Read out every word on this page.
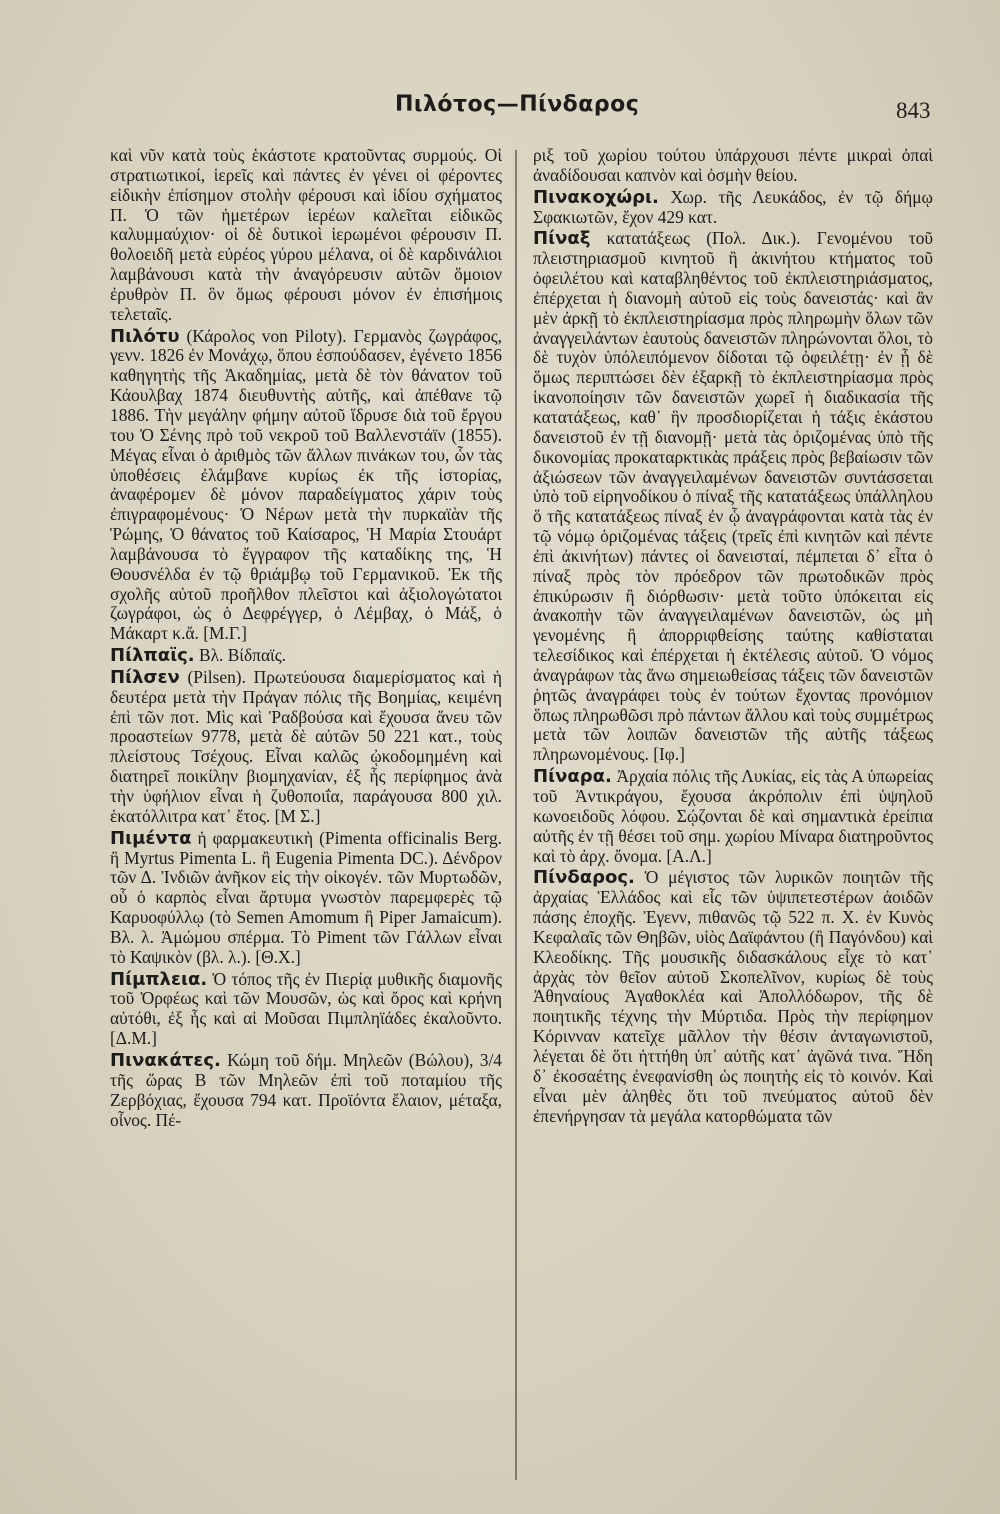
Πιλότος—Πίνδαρος	843

καὶ νῦν κατὰ τοὺς ἑκάστοτε κρατοῦντας συρμούς. Οἱ στρατιωτικοί, ἱερεῖς καὶ πάντες ἐν γένει οἱ φέροντες εἰδικὴν ἐπίσημον στολὴν φέρουσι καὶ ἰδίου σχήματος Π. Ὁ τῶν ἡμετέρων ἱερέων καλεῖται εἰδικῶς καλυμμαύχιον· οἱ δὲ δυτικοὶ ἱερωμένοι φέρουσιν Π. θολοειδῆ μετὰ εὐρέος γύρου μέλανα, οἱ δὲ καρδινάλιοι λαμβάνουσι κατὰ τὴν ἀναγόρευσιν αὐτῶν ὅμοιον ἐρυθρὸν Π. ὃν ὅμως φέρουσι μόνον ἐν ἐπισήμοις τελεταῖς.

Πιλότυ (Κάρολος von Piloty). Γερμανὸς ζωγράφος, γενν. 1826 ἐν Μονάχῳ, ὅπου ἐσπούδασεν, ἐγένετο 1856 καθηγητὴς τῆς Ἀκαδημίας, μετὰ δὲ τὸν θάνατον τοῦ Κάουλβαχ 1874 διευθυντὴς αὐτῆς, καὶ ἀπέθανε τῷ 1886. Τὴν μεγάλην φήμην αὐτοῦ ἵδρυσε διὰ τοῦ ἔργου του Ὁ Σένης πρὸ τοῦ νεκροῦ τοῦ Βαλλενστάϊν (1855). Μέγας εἶναι ὁ ἀριθμὸς τῶν ἄλλων πινάκων του, ὧν τὰς ὑποθέσεις ἐλάμβανε κυρίως ἐκ τῆς ἱστορίας, ἀναφέρομεν δὲ μόνον παραδείγματος χάριν τοὺς ἐπιγραφομένους· Ὁ Νέρων μετὰ τὴν πυρκαϊὰν τῆς Ῥώμης, Ὁ θάνατος τοῦ Καίσαρος, Ἡ Μαρία Στουάρτ λαμβάνουσα τὸ ἔγγραφον τῆς καταδίκης της, Ἡ Θουσνέλδα ἐν τῷ θριάμβῳ τοῦ Γερμανικοῦ. Ἐκ τῆς σχολῆς αὐτοῦ προῆλθον πλεῖστοι καὶ ἀξιολογώτατοι ζωγράφοι, ὡς ὁ Δεφρέγγερ, ὁ Λέμβαχ, ὁ Μάξ, ὁ Μάκαρτ κ.ἄ. [Μ.Γ.]

Πίλπαϊς. Βλ. Βίδπαϊς.

Πίλσεν (Pilsen). Πρωτεύουσα διαμερίσματος καὶ ἡ δευτέρα μετὰ τὴν Πράγαν πόλις τῆς Βοημίας, κειμένη ἐπὶ τῶν ποτ. Μὶς καὶ Ῥαδβούσα καὶ ἔχουσα ἄνευ τῶν προαστείων 9778, μετὰ δὲ αὐτῶν 50 221 κατ., τοὺς πλείστους Τσέχους. Εἶναι καλῶς ᾠκοδομημένη καὶ διατηρεῖ ποικίλην βιομηχανίαν, ἐξ ἧς περίφημος ἀνὰ τὴν ὑφήλιον εἶναι ἡ ζυθοποιΐα, παράγουσα 800 χιλ. ἑκατόλλιτρα κατ᾽ ἔτος. [Μ Σ.]

Πιμέντα ἡ φαρμακευτικὴ (Pimenta officinalis Berg. ἢ Myrtus Pimenta L. ἢ Eugenia Pimenta DC.). Δένδρον τῶν Δ. Ἰνδιῶν ἀνῆκον εἰς τὴν οἰκογέν. τῶν Μυρτωδῶν, οὗ ὁ καρπὸς εἶναι ἄρτυμα γνωστὸν παρεμφερὲς τῷ Καρυοφύλλῳ (τὸ Semen Amomum ἢ Piper Jamaicum). Βλ. λ. Ἀμώμου σπέρμα. Τὸ Piment τῶν Γάλλων εἶναι τὸ Καψικὸν (βλ. λ.). [Θ.Χ.]

Πίμπλεια. Ὁ τόπος τῆς ἐν Πιερίᾳ μυθικῆς διαμονῆς τοῦ Ὀρφέως καὶ τῶν Μουσῶν, ὡς καὶ ὄρος καὶ κρήνη αὐτόθι, ἐξ ἧς καὶ αἱ Μοῦσαι Πιμπληϊάδες ἐκαλοῦντο. [Δ.Μ.]

Πινακάτες. Κώμη τοῦ δήμ. Μηλεῶν (Βώλου), 3/4 τῆς ὥρας Β τῶν Μηλεῶν ἐπὶ τοῦ ποταμίου τῆς Ζερβόχιας, ἔχουσα 794 κατ. Προϊόντα ἔλαιον, μέταξα, οἶνος. Πέ-

ριξ τοῦ χωρίου τούτου ὑπάρχουσι πέντε μικραὶ ὀπαὶ ἀναδίδουσαι καπνὸν καὶ ὀσμὴν θείου.

Πινακοχώρι. Χωρ. τῆς Λευκάδος, ἐν τῷ δήμῳ Σφακιωτῶν, ἔχον 429 κατ.

Πίναξ κατατάξεως (Πολ. Δικ.). Γενομένου τοῦ πλειστηριασμοῦ κινητοῦ ἢ ἀκινήτου κτήματος τοῦ ὀφειλέτου καὶ καταβληθέντος τοῦ ἐκπλειστηριάσματος, ἐπέρχεται ἡ διανομὴ αὐτοῦ εἰς τοὺς δανειστάς· καὶ ἂν μὲν ἀρκῇ τὸ ἐκπλειστηρίασμα πρὸς πληρωμὴν ὅλων τῶν ἀναγγειλάντων ἑαυτοὺς δανειστῶν πληρώνονται ὅλοι, τὸ δὲ τυχὸν ὑπόλειπόμενον δίδοται τῷ ὀφειλέτῃ· ἐν ᾗ δὲ ὅμως περιπτώσει δὲν ἐξαρκῇ τὸ ἐκπλειστηρίασμα πρὸς ἱκανοποίησιν τῶν δανειστῶν χωρεῖ ἡ διαδικασία τῆς κατατάξεως, καθ᾽ ἣν προσδιορίζεται ἡ τάξις ἑκάστου δανειστοῦ ἐν τῇ διανομῇ· μετὰ τὰς ὁριζομένας ὑπὸ τῆς δικονομίας προκαταρκτικὰς πράξεις πρὸς βεβαίωσιν τῶν ἀξιώσεων τῶν ἀναγγειλαμένων δανειστῶν συντάσσεται ὑπὸ τοῦ εἰρηνοδίκου ὁ πίναξ τῆς κατατάξεως ὑπάλληλου ὅ τῆς κατατάξεως πίναξ ἐν ᾧ ἀναγράφονται κατὰ τὰς ἐν τῷ νόμῳ ὁριζομένας τάξεις (τρεῖς ἐπὶ κινητῶν καὶ πέντε ἐπὶ ἀκινήτων) πάντες οἱ δανεισταί, πέμπεται δ᾽ εἶτα ὁ πίναξ πρὸς τὸν πρόεδρον τῶν πρωτοδικῶν πρὸς ἐπικύρωσιν ἢ διόρθωσιν· μετὰ τοῦτο ὑπόκειται εἰς ἀνακοπὴν τῶν ἀναγγειλαμένων δανειστῶν, ὡς μὴ γενομένης ἢ ἀπορριφθείσης ταύτης καθίσταται τελεσίδικος καὶ ἐπέρχεται ἡ ἐκτέλεσις αὐτοῦ. Ὁ νόμος ἀναγράφων τὰς ἄνω σημειωθείσας τάξεις τῶν δανειστῶν ῥητῶς ἀναγράφει τοὺς ἐν τούτων ἔχοντας προνόμιον ὅπως πληρωθῶσι πρὸ πάντων ἄλλου καὶ τοὺς συμμέτρως μετὰ τῶν λοιπῶν δανειστῶν τῆς αὐτῆς τάξεως πληρωνομένους. [Ιφ.]

Πίναρα. Ἀρχαία πόλις τῆς Λυκίας, εἰς τὰς Α ὑπωρείας τοῦ Ἀντικράγου, ἔχουσα ἀκρόπολιν ἐπὶ ὑψηλοῦ κωνοειδοῦς λόφου. Σῴζονται δὲ καὶ σημαντικὰ ἐρείπια αὐτῆς ἐν τῇ θέσει τοῦ σημ. χωρίου Μίναρα διατηροῦντος καὶ τὸ ἀρχ. ὄνομα. [Α.Λ.]

Πίνδαρος. Ὁ μέγιστος τῶν λυρικῶν ποιητῶν τῆς ἀρχαίας Ἑλλάδος καὶ εἷς τῶν ὑψιπετεστέρων ἀοιδῶν πάσης ἐποχῆς. Ἐγενν, πιθανῶς τῷ 522 π. Χ. ἐν Κυνὸς Κεφαλαῖς τῶν Θηβῶν, υἱὸς Δαϊφάντου (ἢ Παγόνδου) καὶ Κλεοδίκης. Τῆς μουσικῆς διδασκάλους εἶχε τὸ κατ᾽ ἀρχὰς τὸν θεῖον αὐτοῦ Σκοπελῖνον, κυρίως δὲ τοὺς Ἀθηναίους Ἀγαθοκλέα καὶ Ἀπολλόδωρον, τῆς δὲ ποιητικῆς τέχνης τὴν Μύρτιδα. Πρὸς τὴν περίφημον Κόρινναν κατεῖχε μᾶλλον τὴν θέσιν ἀνταγωνιστοῦ, λέγεται δὲ ὅτι ἡττήθη ὑπ᾽ αὐτῆς κατ᾽ ἀγῶνά τινα. Ἤδη δ᾽ ἐκοσαέτης ἐνεφανίσθη ὡς ποιητὴς εἰς τὸ κοινόν. Καὶ εἶναι μὲν ἀληθὲς ὅτι τοῦ πνεύματος αὐτοῦ δὲν ἐπενήργησαν τὰ μεγάλα κατορθώματα τῶν
